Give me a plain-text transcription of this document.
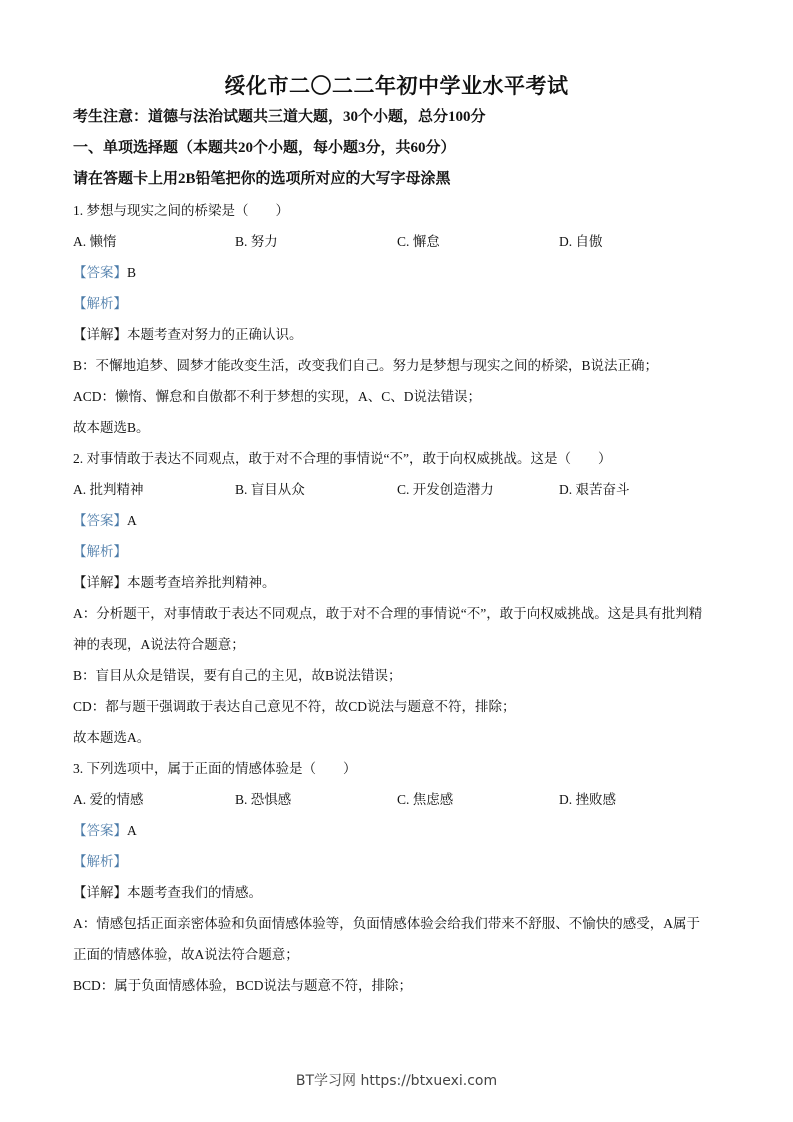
绥化市二〇二二年初中学业水平考试
考生注意：道德与法治试题共三道大题，30个小题，总分100分
一、单项选择题（本题共20个小题，每小题3分，共60分）
请在答题卡上用2B铅笔把你的选项所对应的大写字母涂黑
1. 梦想与现实之间的桥梁是（　　）
A. 懒惰	B. 努力	C. 懈怠	D. 自傲
【答案】B
【解析】
【详解】本题考查对努力的正确认识。
B：不懈地追梦、圆梦才能改变生活，改变我们自己。努力是梦想与现实之间的桥梁，B说法正确；
ACD：懒惰、懈怠和自傲都不利于梦想的实现，A、C、D说法错误；
故本题选B。
2. 对事情敢于表达不同观点，敢于对不合理的事情说“不”，敢于向权威挑战。这是（　　）
A. 批判精神	B. 盲目从众	C. 开发创造潜力	D. 艰苦奋斗
【答案】A
【解析】
【详解】本题考查培养批判精神。
A：分析题干，对事情敢于表达不同观点，敢于对不合理的事情说“不”，敢于向权威挑战。这是具有批判精
神的表现，A说法符合题意；
B：盲目从众是错误，要有自己的主见，故B说法错误；
CD：都与题干强调敢于表达自己意见不符，故CD说法与题意不符，排除；
故本题选A。
3. 下列选项中，属于正面的情感体验是（　　）
A. 爱的情感	B. 恐惧感	C. 焦虑感	D. 挫败感
【答案】A
【解析】
【详解】本题考查我们的情感。
A：情感包括正面亲密体验和负面情感体验等，负面情感体验会给我们带来不舒服、不愉快的感受，A属于
正面的情感体验，故A说法符合题意；
BCD：属于负面情感体验，BCD说法与题意不符，排除；
BT学习网 https://btxuexi.com
